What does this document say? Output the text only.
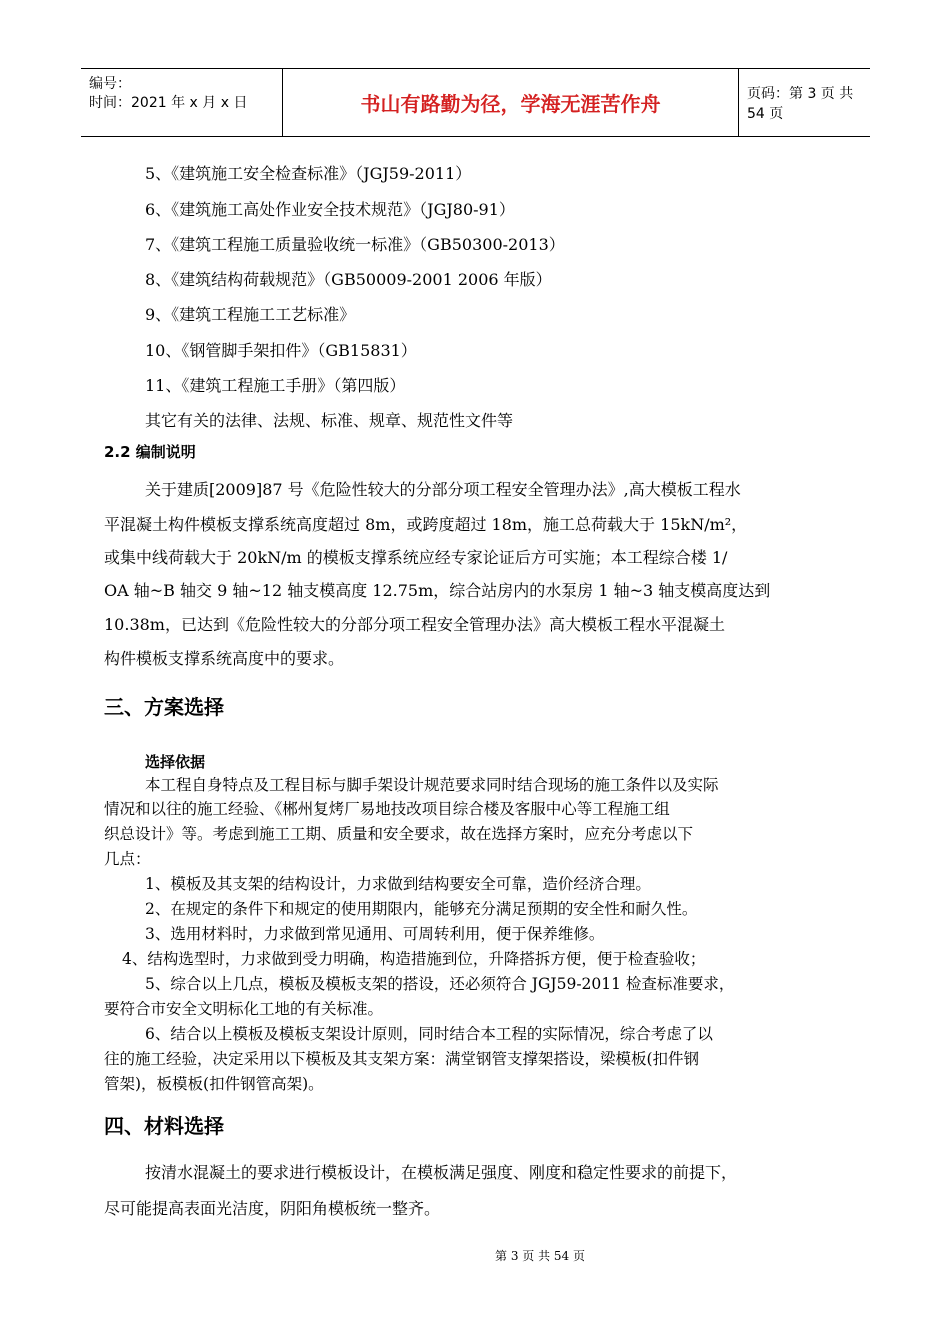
编号：
时间：2021 年 x 月 x 日	书山有路勤为径，学海无涯苦作舟	页码：第 3 页 共 54 页
5、《建筑施工安全检查标准》（JGJ59-2011）
6、《建筑施工高处作业安全技术规范》（JGJ80-91）
7、《建筑工程施工质量验收统一标准》（GB50300-2013）
8、《建筑结构荷载规范》（GB50009-2001 2006 年版）
9、《建筑工程施工工艺标准》
10、《钢管脚手架扣件》（GB15831）
11、《建筑工程施工手册》（第四版）
其它有关的法律、法规、标准、规章、规范性文件等
2.2 编制说明
关于建质[2009]87 号《危险性较大的分部分项工程安全管理办法》,高大模板工程水
平混凝土构件模板支撑系统高度超过 8m，或跨度超过 18m，施工总荷载大于 15kN/m²，
或集中线荷载大于 20kN/m 的模板支撑系统应经专家论证后方可实施；本工程综合楼 1/
OA 轴~B 轴交 9 轴~12 轴支模高度 12.75m，综合站房内的水泵房 1 轴~3 轴支模高度达到
10.38m，已达到《危险性较大的分部分项工程安全管理办法》高大模板工程水平混凝土
构件模板支撑系统高度中的要求。
三、方案选择
选择依据
本工程自身特点及工程目标与脚手架设计规范要求同时结合现场的施工条件以及实际
情况和以往的施工经验、《郴州复烤厂易地技改项目综合楼及客服中心等工程施工组
织总设计》等。考虑到施工工期、质量和安全要求，故在选择方案时，应充分考虑以下
几点：
1、模板及其支架的结构设计，力求做到结构要安全可靠，造价经济合理。
2、在规定的条件下和规定的使用期限内，能够充分满足预期的安全性和耐久性。
3、选用材料时，力求做到常见通用、可周转利用，便于保养维修。
4、结构选型时，力求做到受力明确，构造措施到位，升降搭拆方便，便于检查验收；
5、综合以上几点，模板及模板支架的搭设，还必须符合 JGJ59-2011 检查标准要求，
要符合市安全文明标化工地的有关标准。
6、结合以上模板及模板支架设计原则，同时结合本工程的实际情况，综合考虑了以
往的施工经验，决定采用以下模板及其支架方案：满堂钢管支撑架搭设，梁模板(扣件钢
管架)，板模板(扣件钢管高架)。
四、材料选择
按清水混凝土的要求进行模板设计，在模板满足强度、刚度和稳定性要求的前提下，
尽可能提高表面光洁度，阴阳角模板统一整齐。
第 3 页 共 54 页
